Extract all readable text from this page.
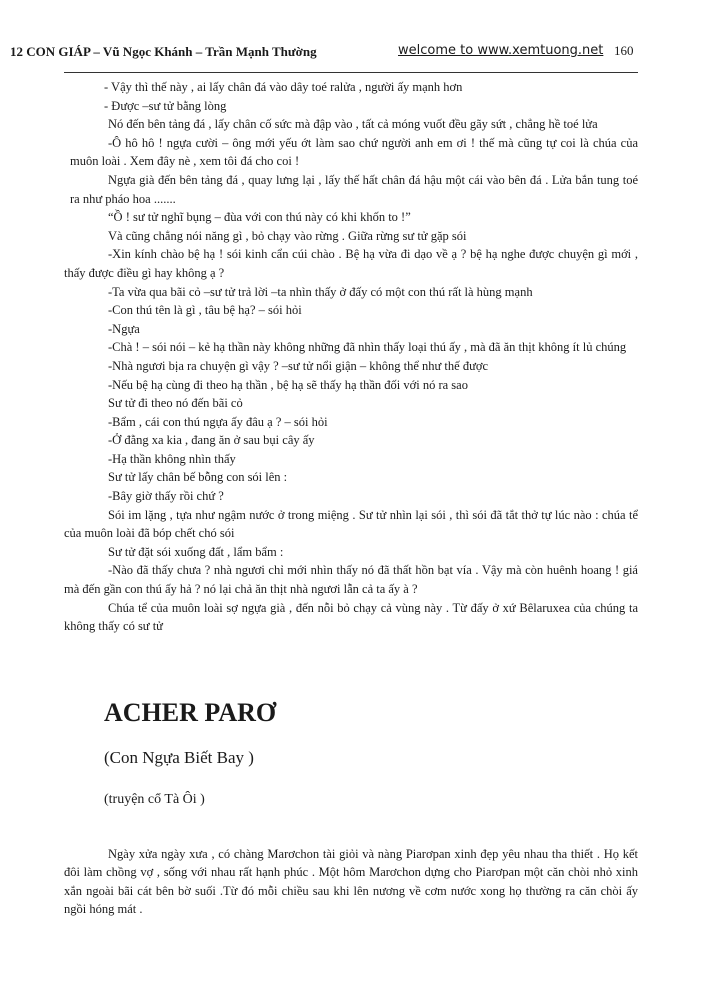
12 CON GIÁP – Vũ Ngọc Khánh – Trần Mạnh Thường	welcome to www.xemtuong.net 160

- Vậy thì thế này , ai lấy chân đá vào dây toé ralửa , người ấy mạnh hơn

- Được –sư tử bằng lòng

Nó đến bên tảng đá , lấy chân cố sức mà đập vào , tất cả móng vuốt đều gãy sứt , chẳng hề toé lửa

-Ô hô hô ! ngựa cười – ông mới yếu ớt làm sao chứ người anh em ơi ! thế mà cũng tự coi là chúa của muôn loài . Xem đây nè , xem tôi đá cho coi !

Ngựa già đến bên tảng đá , quay lưng lại , lấy thế hất chân đá hậu một cái vào bên đá . Lửa bắn tung toé ra như pháo hoa .......

“Ồ ! sư tử nghĩ bụng – đùa với con thú này có khi khốn to !”

Và cũng chẳng nói năng gì , bỏ chạy vào rừng . Giữa rừng sư tử gặp sói

-Xin kính chào bệ hạ ! sói kinh cẩn cúi chào . Bệ hạ vừa đi dạo về ạ ? bệ hạ nghe được chuyện gì mới , thấy được điều gì hay không ạ ?

-Ta vừa qua bãi cỏ –sư tử trả lời –ta nhìn thấy ở đấy có một con thú rất là hùng mạnh

-Con thú tên là gì , tâu bệ hạ? – sói hỏi

-Ngựa

-Chà ! – sói nói – kẻ hạ thần này không những đã nhìn thấy loại thú ấy , mà đã ăn thịt không ít lủ chúng

-Nhà ngươi bịa ra chuyện gì vậy ? –sư tử nổi giận – không thể như thế được

-Nếu bệ hạ cùng đi theo hạ thần , bệ hạ sẽ thấy hạ thần đối với nó ra sao

Sư tử đi theo nó đến bãi cỏ

-Bẩm , cái con thú ngựa ấy đâu ạ ? – sói hỏi

-Ở đằng xa kia , đang ăn ở sau bụi cây ấy

-Hạ thần không nhìn thấy

Sư tử lấy chân bế bỗng con sói lên :

-Bây giờ thấy rồi chứ ?

Sói im lặng , tựa như ngậm nước ở trong miệng . Sư tử nhìn lại sói , thì sói đã tắt thở tự lúc nào : chúa tể của muôn loài đã bóp chết chó sói

Sư tử đặt sói xuống đất , lẩm bẩm :

-Nào đã thấy chưa ? nhà ngươi chỉ mới nhìn thấy nó đã thất hồn bạt vía . Vậy mà còn huênh hoang ! giá mà đến gần con thú ấy hả ? nó lại chả ăn thịt nhà ngươi lẫn cả ta ấy à ?

Chúa tể của muôn loài sợ ngựa già , đến nỗi bỏ chạy cả vùng này . Từ đấy ở xứ Bêlaruxea của chúng ta không thấy có sư tử

ACHER PARƠ
(Con Ngựa Biết Bay )
(truyện cổ Tà Ôi )

Ngày xửa ngày xưa , có chàng Marơchon tài giỏi và nàng Piarơpan xinh đẹp yêu nhau tha thiết . Họ kết đôi làm chồng vợ , sống với nhau rất hạnh phúc . Một hôm Marơchon dựng cho Piarơpan một căn chòi nhỏ xinh xắn ngoài bãi cát bên bờ suối .Từ đó mỗi chiều sau khi lên nương về cơm nước xong họ thường ra căn chòi ấy ngồi hóng mát .
